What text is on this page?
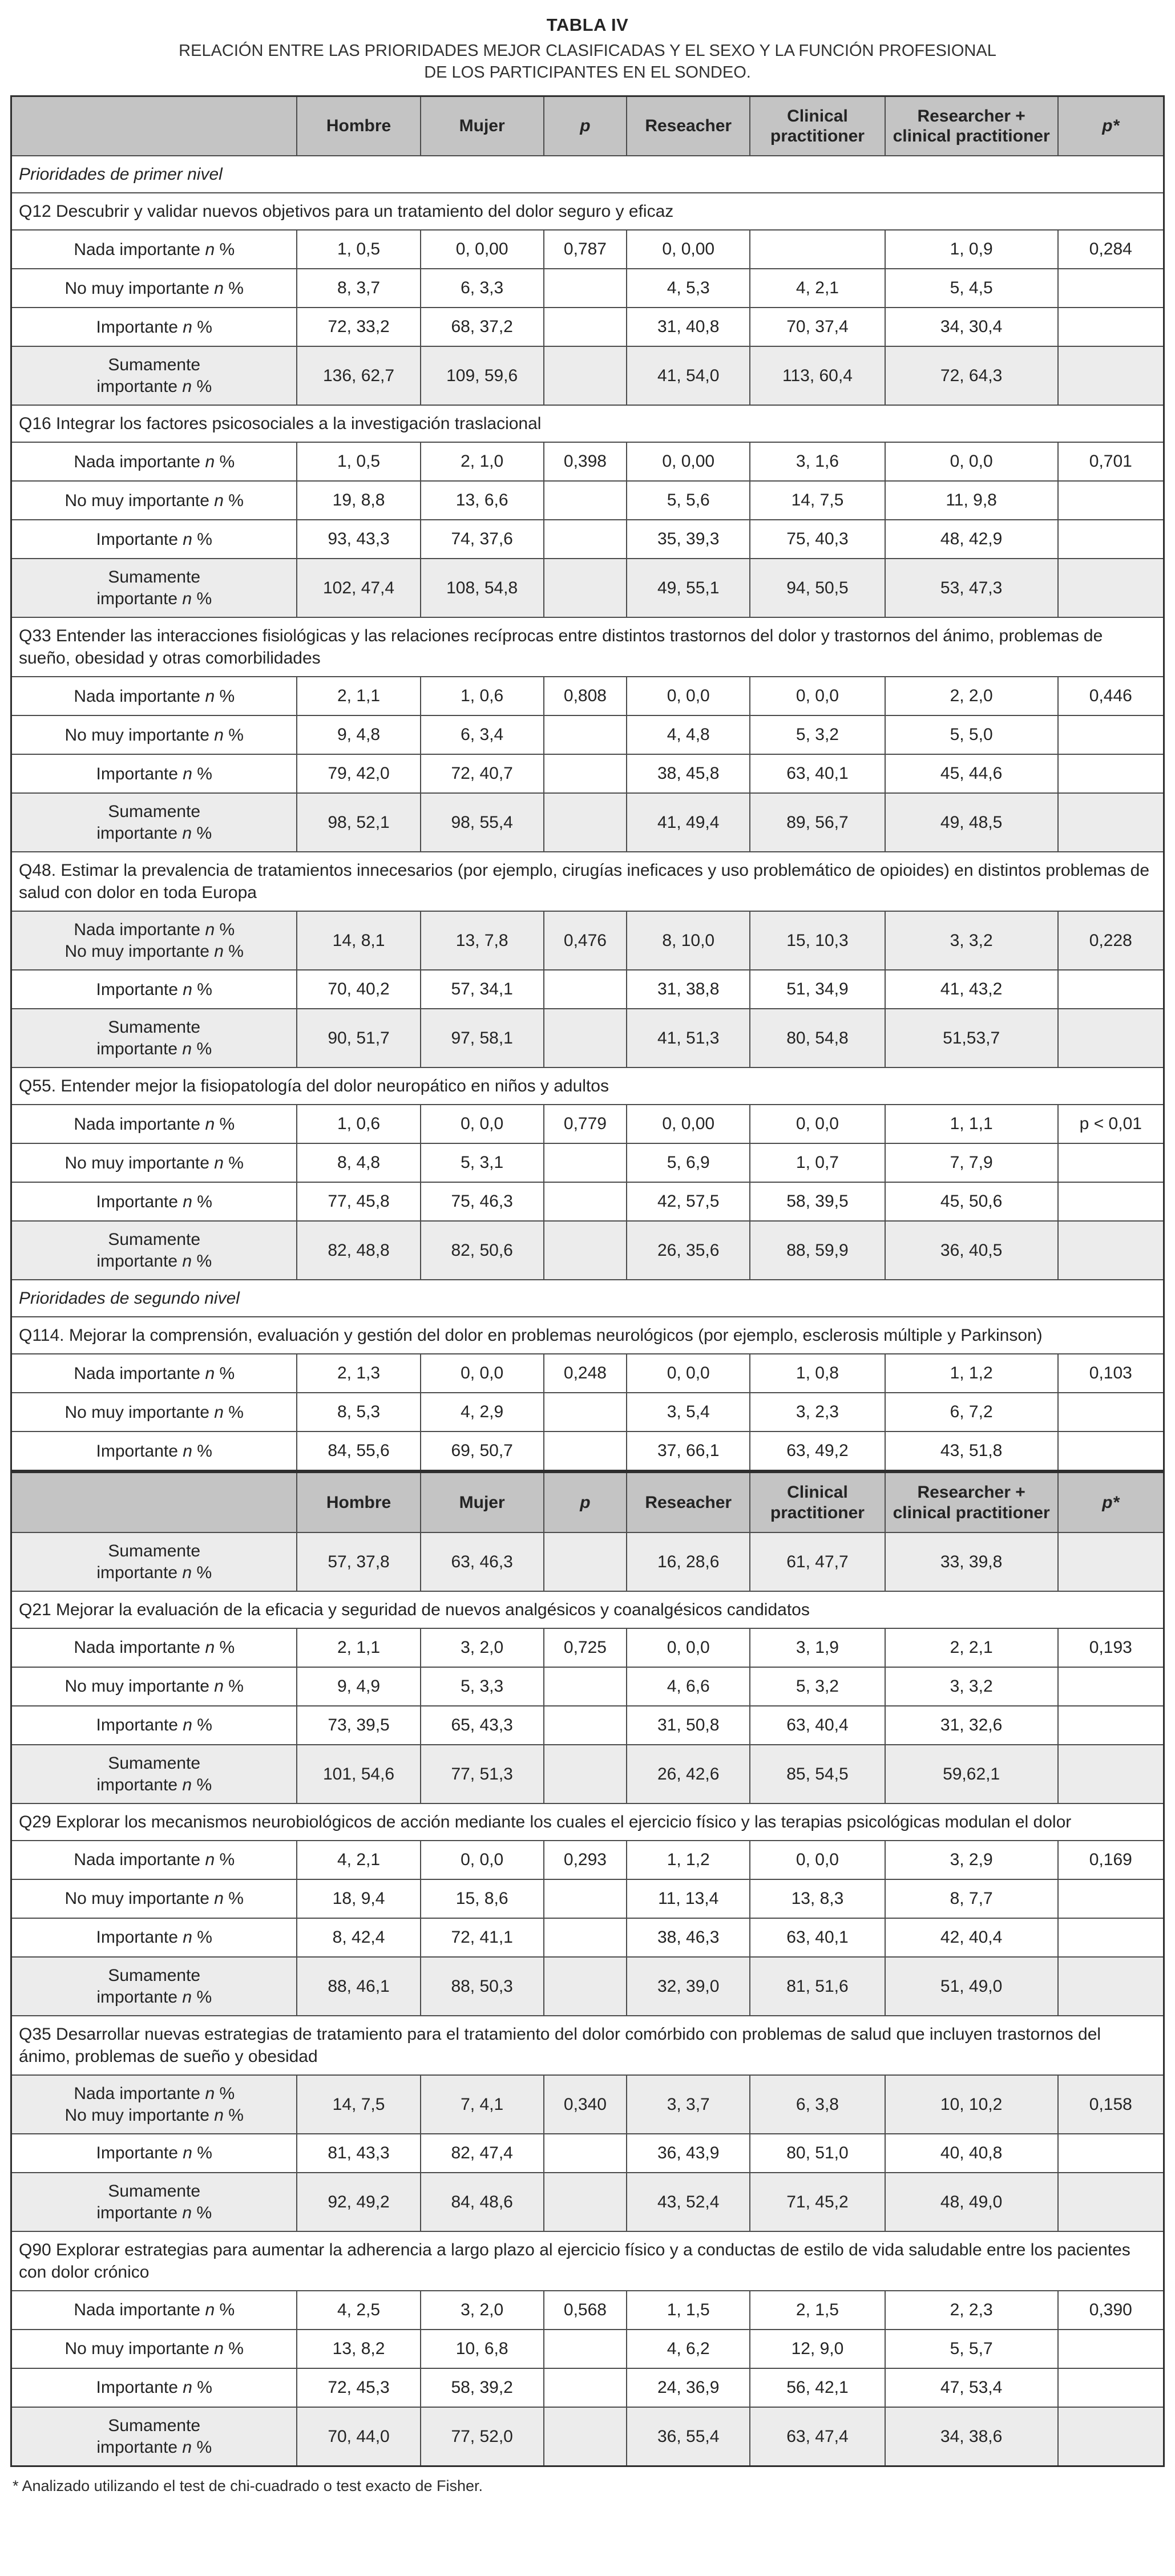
TABLA IV
RELACIÓN ENTRE LAS PRIORIDADES MEJOR CLASIFICADAS Y EL SEXO Y LA FUNCIÓN PROFESIONAL
DE LOS PARTICIPANTES EN EL SONDEO.
	Hombre	Mujer	p	Reseacher	Clinical practitioner	Researcher + clinical practitioner	p*
Prioridades de primer nivel							
Q12 Descubrir y validar nuevos objetivos para un tratamiento del dolor seguro y eficaz							

Nada importante n %	1, 0,5	0, 0,00	0,787	0, 0,00		1, 0,9	0,284

No muy importante n %	8, 3,7	6, 3,3		4, 5,3	4, 2,1	5, 4,5	

Importante n %	72, 33,2	68, 37,2		31, 40,8	70, 37,4	34, 30,4	

Sumamente
importante n %	136, 62,7	109, 59,6		41, 54,0	113, 60,4	72, 64,3	
Q16 Integrar los factores psicosociales a la investigación traslacional							

Nada importante n %	1, 0,5	2, 1,0	0,398	0, 0,00	3, 1,6	0, 0,0	0,701

No muy importante n %	19, 8,8	13, 6,6		5, 5,6	14, 7,5	11, 9,8	

Importante n %	93, 43,3	74, 37,6		35, 39,3	75, 40,3	48, 42,9	

Sumamente
importante n %	102, 47,4	108, 54,8		49, 55,1	94, 50,5	53, 47,3	
Q33 Entender las interacciones fisiológicas y las relaciones recíprocas entre distintos trastornos del dolor y trastornos del ánimo, problemas de sueño, obesidad y otras comorbilidades							

Nada importante n %	2, 1,1	1, 0,6	0,808	0, 0,0	0, 0,0	2, 2,0	0,446

No muy importante n %	9, 4,8	6, 3,4		4, 4,8	5, 3,2	5, 5,0	

Importante n %	79, 42,0	72, 40,7		38, 45,8	63, 40,1	45, 44,6	

Sumamente
importante n %	98, 52,1	98, 55,4		41, 49,4	89, 56,7	49, 48,5	
Q48. Estimar la prevalencia de tratamientos innecesarios (por ejemplo, cirugías ineficaces y uso problemático de opioides) en distintos problemas de salud con dolor en toda Europa							

Nada importante n %
No muy importante n %	14, 8,1	13, 7,8	0,476	8, 10,0	15, 10,3	3, 3,2	0,228

Importante n %	70, 40,2	57, 34,1		31, 38,8	51, 34,9	41, 43,2	

Sumamente
importante n %	90, 51,7	97, 58,1		41, 51,3	80, 54,8	51,53,7	
Q55. Entender mejor la fisiopatología del dolor neuropático en niños y adultos							

Nada importante n %	1, 0,6	0, 0,0	0,779	0, 0,00	0, 0,0	1, 1,1	p < 0,01

No muy importante n %	8, 4,8	5, 3,1		5, 6,9	1, 0,7	7, 7,9	

Importante n %	77, 45,8	75, 46,3		42, 57,5	58, 39,5	45, 50,6	

Sumamente
importante n %	82, 48,8	82, 50,6		26, 35,6	88, 59,9	36, 40,5	
Prioridades de segundo nivel							
Q114. Mejorar la comprensión, evaluación y gestión del dolor en problemas neurológicos (por ejemplo, esclerosis múltiple y Parkinson)							

Nada importante n %	2, 1,3	0, 0,0	0,248	0, 0,0	1, 0,8	1, 1,2	0,103

No muy importante n %	8, 5,3	4, 2,9		3, 5,4	3, 2,3	6, 7,2	

Importante n %	84, 55,6	69, 50,7		37, 66,1	63, 49,2	43, 51,8	
	Hombre	Mujer	p	Reseacher	Clinical practitioner	Researcher + clinical practitioner	p*

Sumamente
importante n %	57, 37,8	63, 46,3		16, 28,6	61, 47,7	33, 39,8	
Q21 Mejorar la evaluación de la eficacia y seguridad de nuevos analgésicos y coanalgésicos candidatos							

Nada importante n %	2, 1,1	3, 2,0	0,725	0, 0,0	3, 1,9	2, 2,1	0,193

No muy importante n %	9, 4,9	5, 3,3		4, 6,6	5, 3,2	3, 3,2	

Importante n %	73, 39,5	65, 43,3		31, 50,8	63, 40,4	31, 32,6	

Sumamente
importante n %	101, 54,6	77, 51,3		26, 42,6	85, 54,5	59,62,1	
Q29 Explorar los mecanismos neurobiológicos de acción mediante los cuales el ejercicio físico y las terapias psicológicas modulan el dolor							

Nada importante n %	4, 2,1	0, 0,0	0,293	1, 1,2	0, 0,0	3, 2,9	0,169

No muy importante n %	18, 9,4	15, 8,6		11, 13,4	13, 8,3	8, 7,7	

Importante n %	8, 42,4	72, 41,1		38, 46,3	63, 40,1	42, 40,4	

Sumamente
importante n %	88, 46,1	88, 50,3		32, 39,0	81, 51,6	51, 49,0	
Q35 Desarrollar nuevas estrategias de tratamiento para el tratamiento del dolor comórbido con problemas de salud que incluyen trastornos del ánimo, problemas de sueño y obesidad							

Nada importante n %
No muy importante n %	14, 7,5	7, 4,1	0,340	3, 3,7	6, 3,8	10, 10,2	0,158

Importante n %	81, 43,3	82, 47,4		36, 43,9	80, 51,0	40, 40,8	

Sumamente
importante n %	92, 49,2	84, 48,6		43, 52,4	71, 45,2	48, 49,0	
Q90 Explorar estrategias para aumentar la adherencia a largo plazo al ejercicio físico y a conductas de estilo de vida saludable entre los pacientes con dolor crónico							

Nada importante n %	4, 2,5	3, 2,0	0,568	1, 1,5	2, 1,5	2, 2,3	0,390

No muy importante n %	13, 8,2	10, 6,8		4, 6,2	12, 9,0	5, 5,7	

Importante n %	72, 45,3	58, 39,2		24, 36,9	56, 42,1	47, 53,4	

Sumamente
importante n %	70, 44,0	77, 52,0		36, 55,4	63, 47,4	34, 38,6	
* Analizado utilizando el test de chi-cuadrado o test exacto de Fisher.
